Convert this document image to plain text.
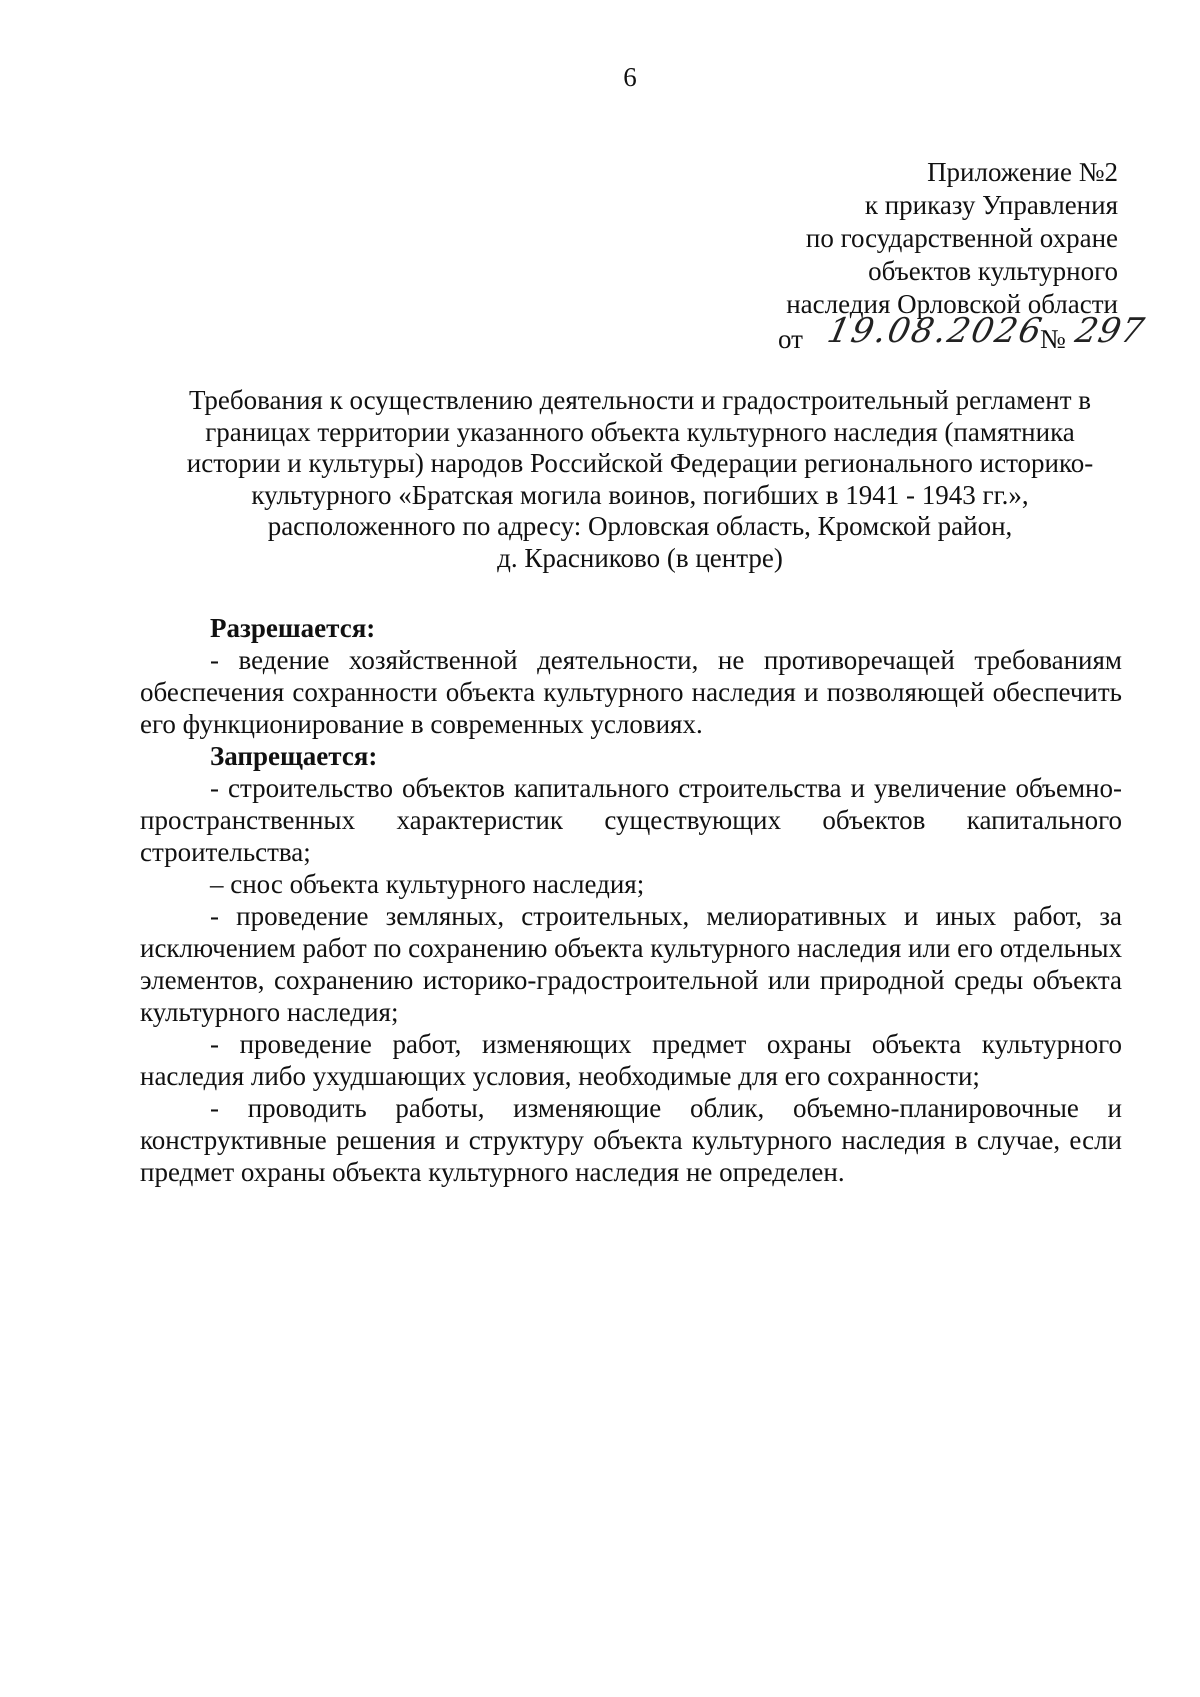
6
Приложение №2
к приказу Управления
по государственной охране
объектов культурного
наследия Орловской области
от 19.08.2026
№ 297
Требования к осуществлению деятельности и градостроительный регламент в
границах территории указанного объекта культурного наследия (памятника
истории и культуры) народов Российской Федерации регионального историко-
культурного «Братская могила воинов, погибших в 1941 - 1943 гг.»,
расположенного по адресу: Орловская область, Кромской район,
д. Красниково (в центре)

Разрешается:

- ведение хозяйственной деятельности, не противоречащей требованиям обеспечения сохранности объекта культурного наследия и позволяющей обеспечить его функционирование в современных условиях.

Запрещается:

- строительство объектов капитального строительства и увеличение объемно-пространственных характеристик существующих объектов капитального строительства;

– снос объекта культурного наследия;

- проведение земляных, строительных, мелиоративных и иных работ, за исключением работ по сохранению объекта культурного наследия или его отдельных элементов, сохранению историко-градостроительной или природной среды объекта культурного наследия;

- проведение работ, изменяющих предмет охраны объекта культурного наследия либо ухудшающих условия, необходимые для его сохранности;

- проводить работы, изменяющие облик, объемно-планировочные и конструктивные решения и структуру объекта культурного наследия в случае, если предмет охраны объекта культурного наследия не определен.
